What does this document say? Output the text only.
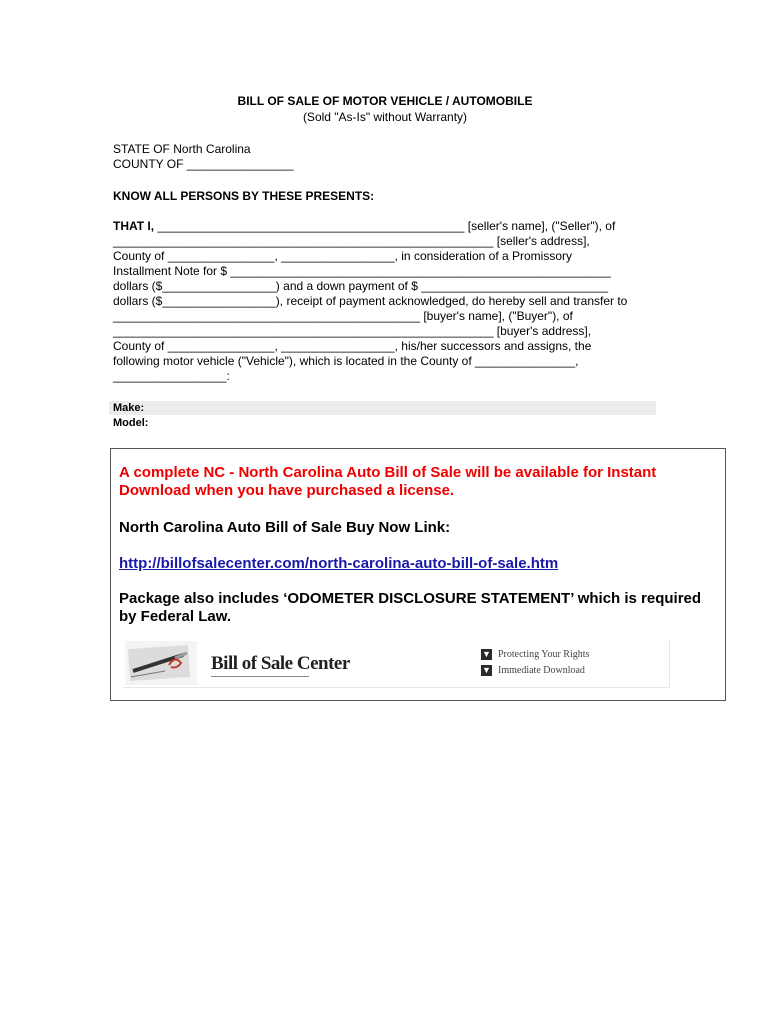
BILL OF SALE OF MOTOR VEHICLE / AUTOMOBILE
(Sold "As-Is" without Warranty)
STATE OF North Carolina
COUNTY OF ________________
KNOW ALL PERSONS BY THESE PRESENTS:
THAT I, ______________________________________________ [seller's name], ("Seller"), of
_________________________________________________________ [seller's address],
County of ________________, _________________, in consideration of a Promissory
Installment Note for $ _________________________________________________________
dollars ($_________________) and a down payment of $ ____________________________
dollars ($_________________), receipt of payment acknowledged, do hereby sell and transfer to
______________________________________________ [buyer's name], ("Buyer"), of
_________________________________________________________ [buyer's address],
County of ________________, _________________, his/her successors and assigns, the
following motor vehicle ("Vehicle"), which is located in the County of _______________,
_________________:
Make:
Model:
A complete NC - North Carolina Auto Bill of Sale will be available for Instant Download when you have purchased a license.
North Carolina Auto Bill of Sale Buy Now Link:
http://billofsalecenter.com/north-carolina-auto-bill-of-sale.htm
Package also includes ‘ODOMETER DISCLOSURE STATEMENT’ which is required by Federal Law.
Bill of Sale Center	▼ Protecting Your Rights
▼ Immediate Download
